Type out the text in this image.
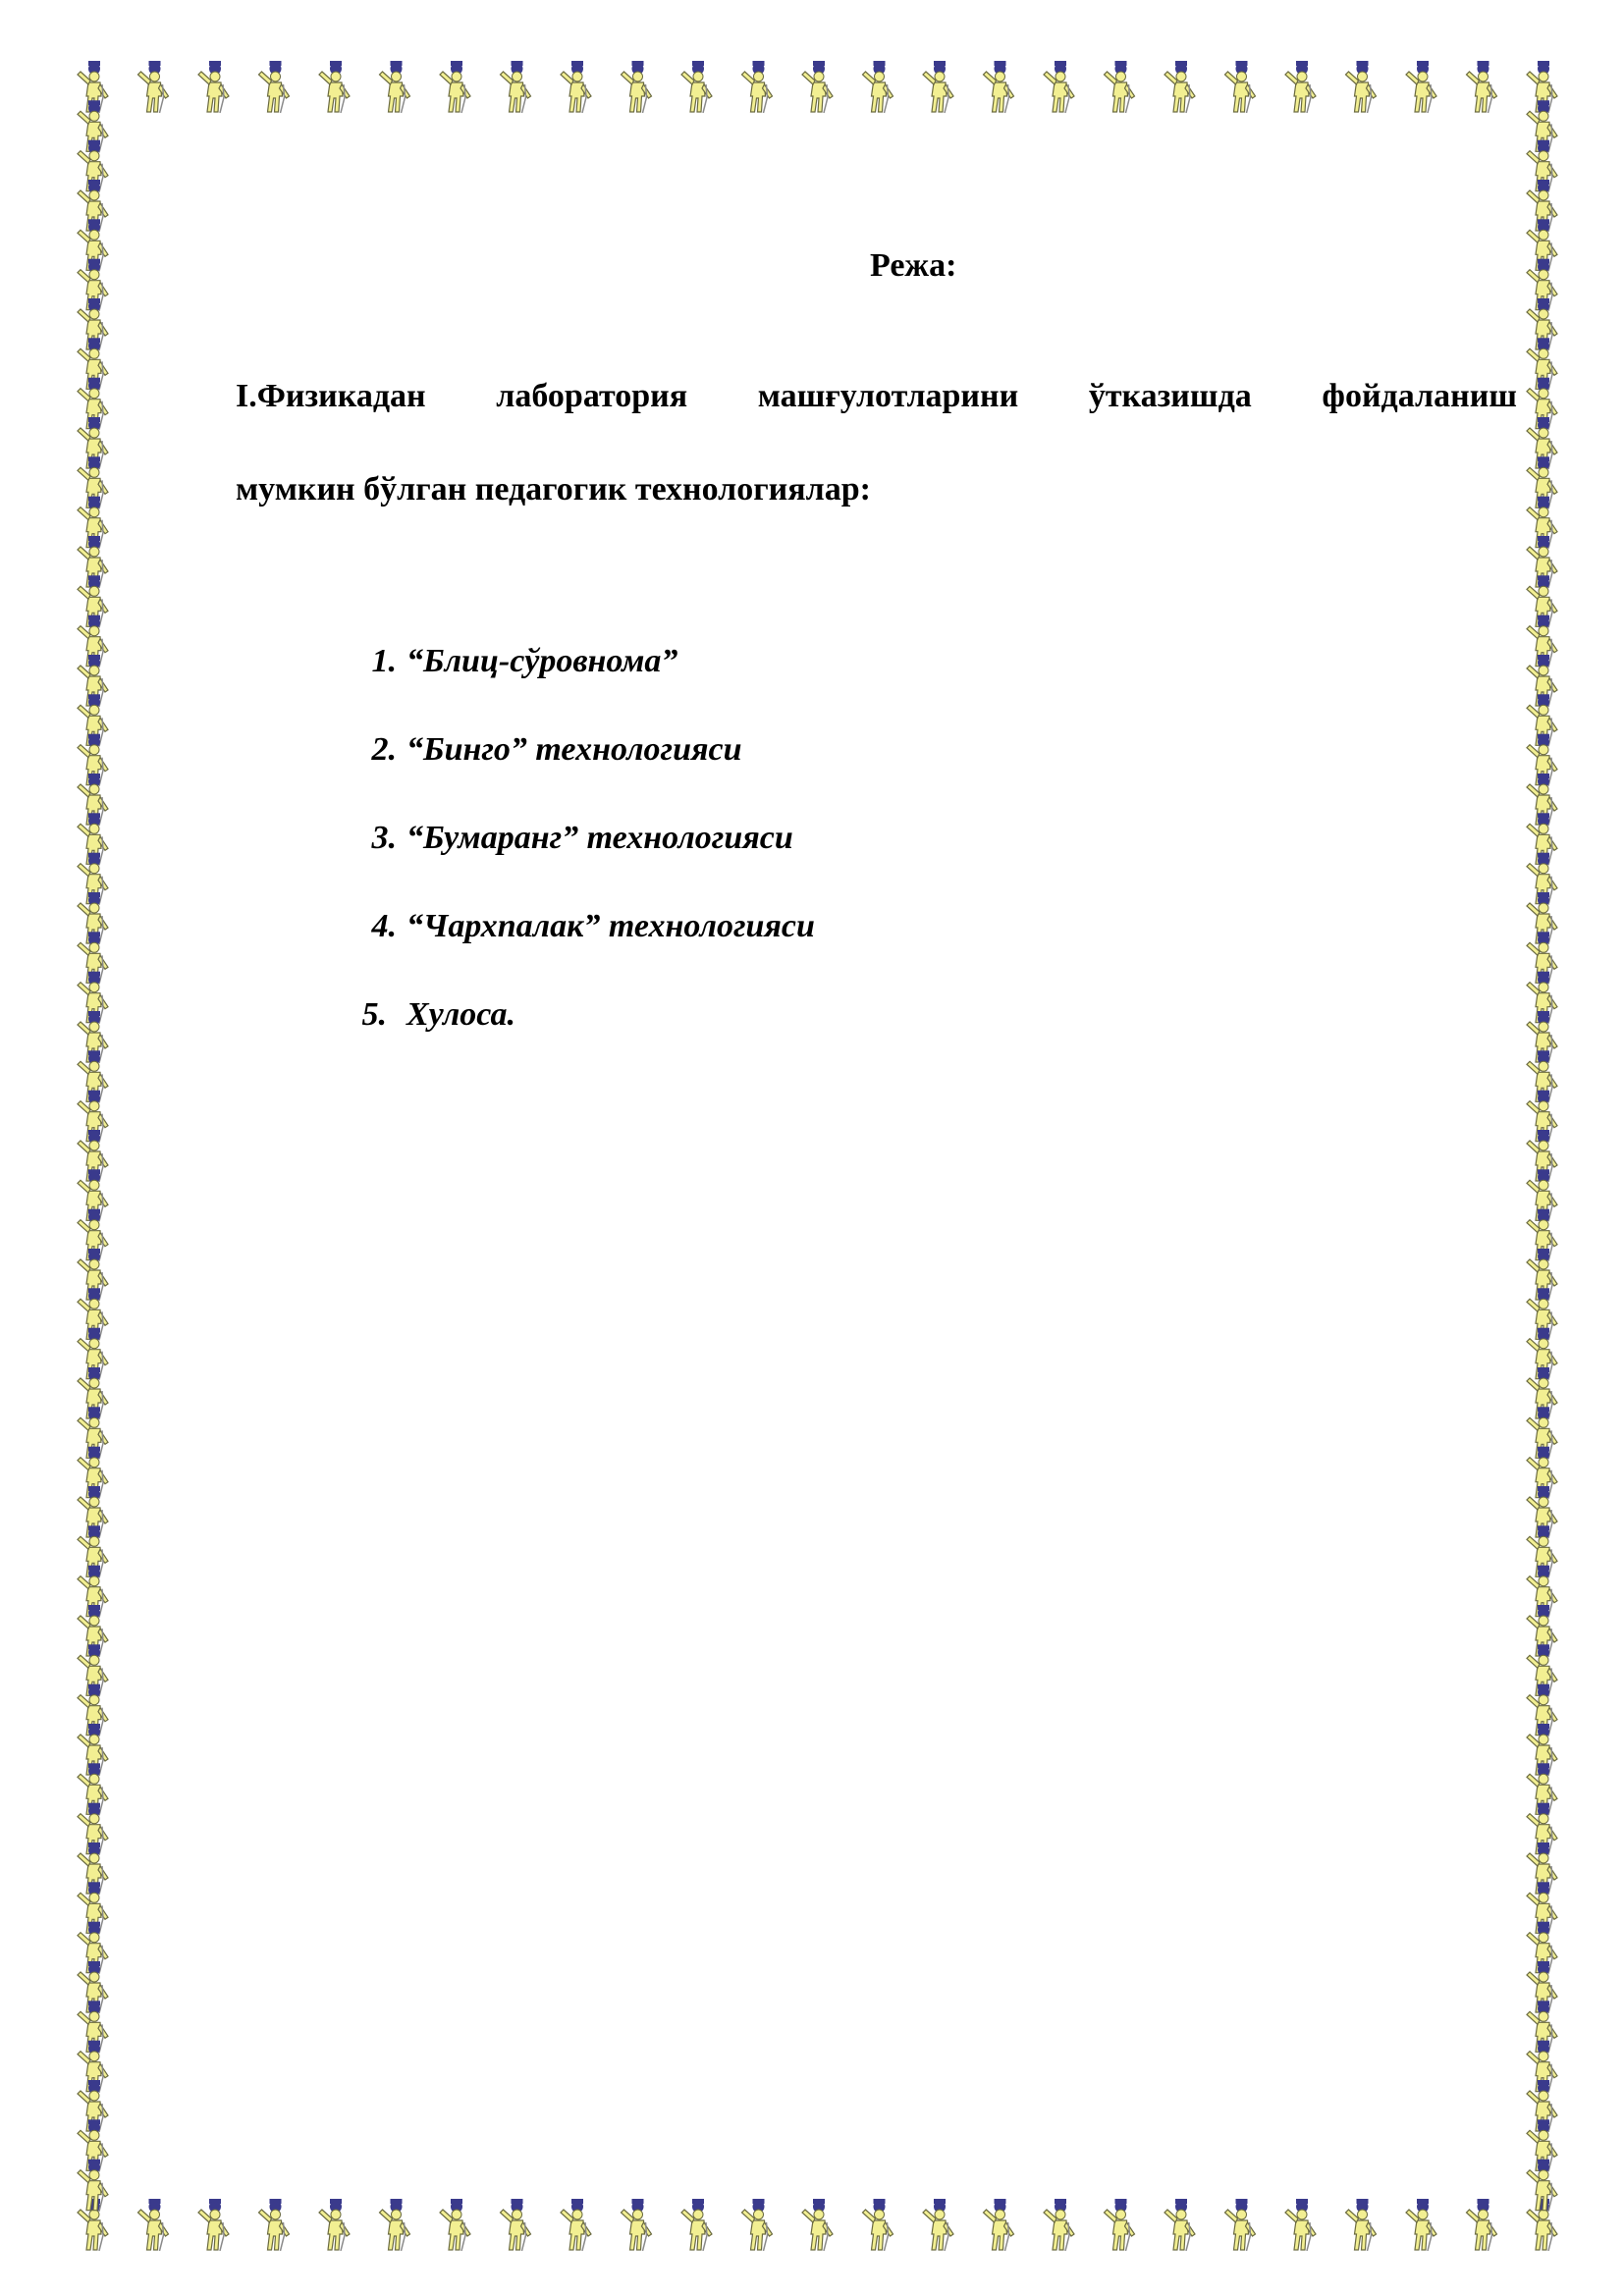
Режа:
I.Физикадан лаборатория машғулотларини ўтказишда фойдаланиш
мумкин бўлган педагогик технологиялар:
1. “Блиц-сўровнома”
2. “Бинго” технологияси
3. “Бумаранг” технологияси
4. “Чархпалак” технологияси
5. Хулоса.
